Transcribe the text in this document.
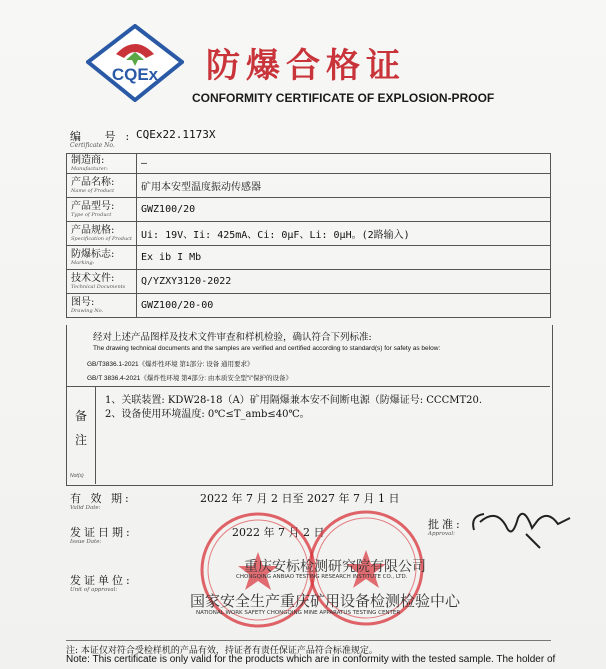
CQEx 防爆合格证
CONFORMITY CERTIFICATE OF EXPLOSION-PROOF
编 号:
Certificate No.
CQEx22.1173X
制造商:
Manufacturer:	—

产品名称:
Name of Product	矿用本安型温度振动传感器

产品型号:
Type of Product	GWZ100/20

产品规格:
Specification of Product	Ui: 19V、Ii: 425mA、Ci: 0μF、Li: 0μH。(2路输入)

防爆标志:
Marking:	Ex ib I Mb

技术文件:
Technical Documents	Q/YZXY3120-2022

图号:
Drawing No.	GWZ100/20-00
经对上述产品图样及技术文件审查和样机检验，确认符合下列标准:
The drawing technical documents and the samples are verified and certified according to standard(s) for safety as below:
GB/T3836.1-2021《爆炸性环境 第1部分: 设备 通用要求》
GB/T 3836.4-2021《爆炸性环境 第4部分: 由本质安全型"i"保护的设备》
备
注
Not(s)
1、关联装置: KDW28-18（A）矿用隔爆兼本安不间断电源（防爆证号: CCCMT20.
2、设备使用环境温度: 0℃≤T_amb≤40℃。
有 效 期:
Valid Date:
2022 年 7 月 2 日至 2027 年 7 月 1 日
发证日期:
Issue Date:
2022 年 7 月 2 日
批准:
Approval:
发证单位:
Unit of approval:
重庆安标检测研究院有限公司
CHONGQING ANBIAO TESTING RESEARCH INSTITUTE CO., LTD.
国家安全生产重庆矿用设备检测检验中心
NATIONAL WORK SAFETY CHONGQING MINE APPARATUS TESTING CENTER
注: 本证仅对符合受检样机的产品有效，持证者有责任保证产品符合标准规定。
Note: This certificate is only valid for the products which are in conformity with the tested sample. The holder of
